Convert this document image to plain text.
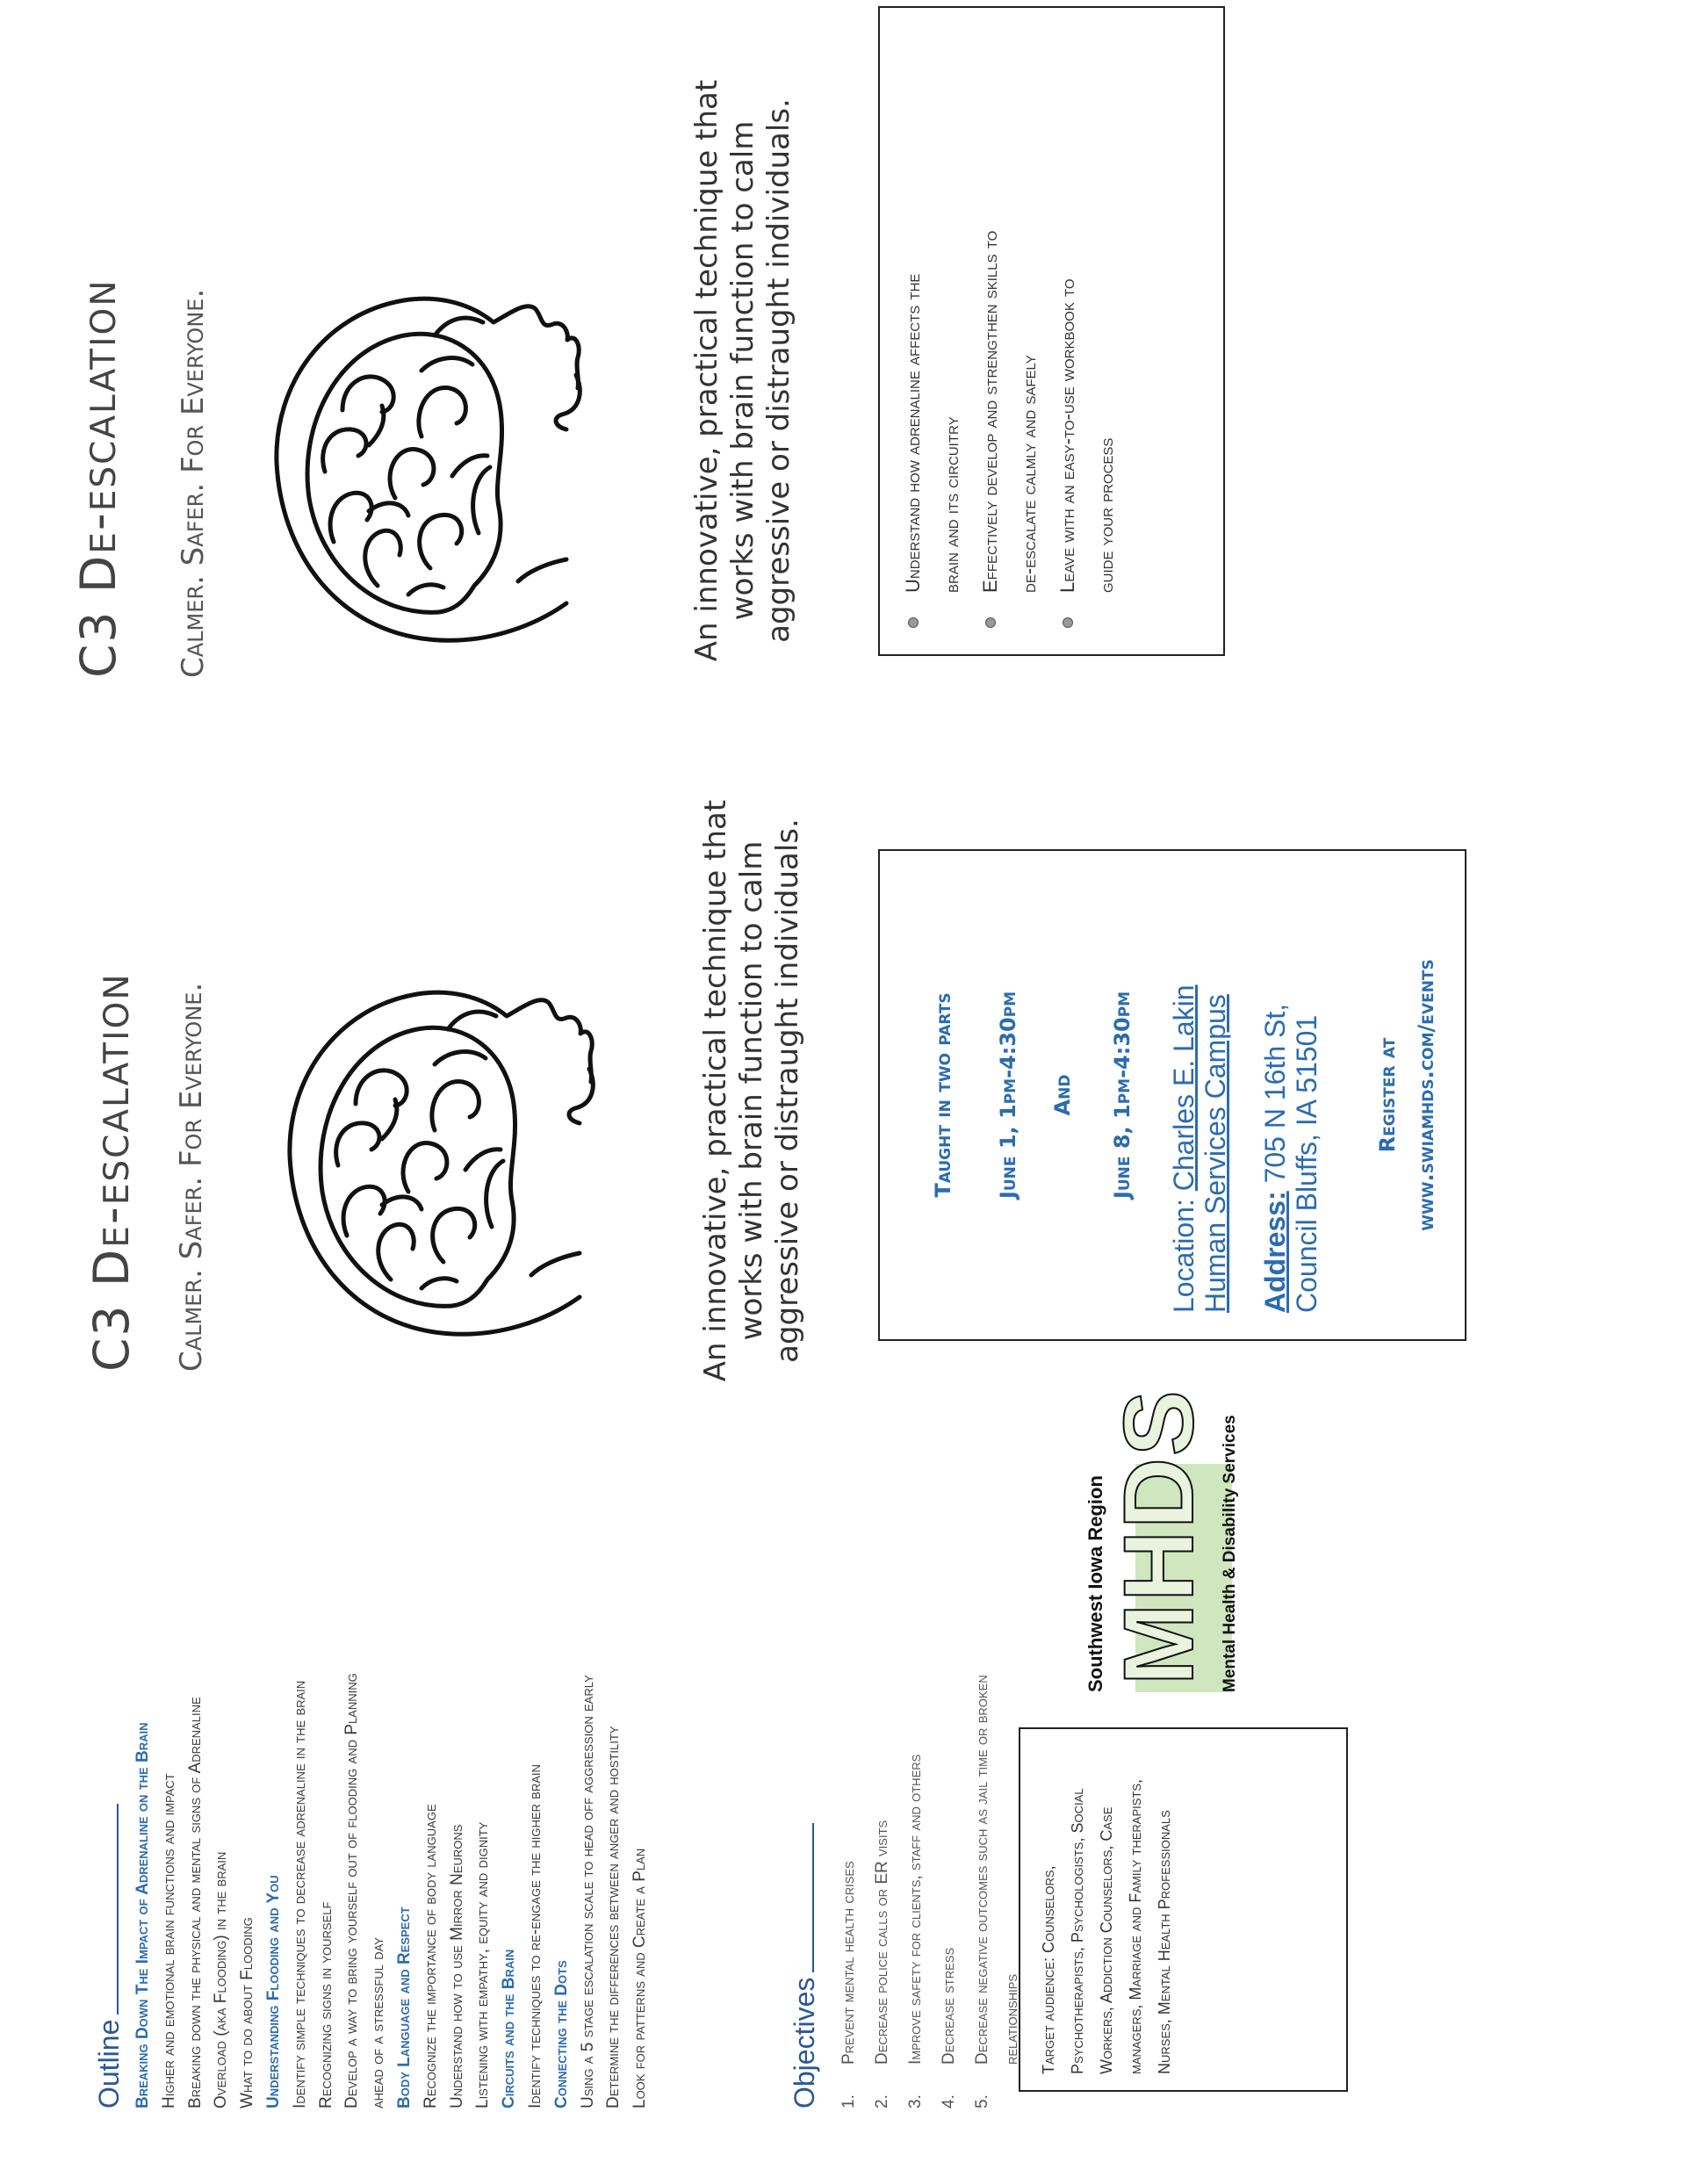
Outline Breaking Down The Impact of Adrenaline on the Brain Higher and emotional brain functions and impact Breaking down the physical and mental signs of Adrenaline Overload (aka Flooding) in the brain What to do about Flooding Understanding Flooding and You Identify simple techniques to decrease adrenaline in the brain Recognizing signs in yourself Develop a way to bring yourself out of flooding and Planning ahead of a stressful day Body Language and Respect Recognize the importance of body language Understand how to use Mirror Neurons Listening with empathy, equity and dignity Circuits and the Brain Identify techniques to re-engage the higher brain Connecting the Dots Using a 5 stage escalation scale to head off aggression early Determine the differences between anger and hostility Look for patterns and Create a Plan	Objectives	1.
Prevent mental health crises
2.
Decrease police calls or ER visits
3.
Improve safety for clients, staff and others
4.
Decrease stress
5.
Decrease negative outcomes such as jail time or broken relationships	Target audience: Counselors, Psychotherapists, Psychologists, Social Workers, Addiction Counselors, Case managers, Marriage and Family therapists, Nurses, Mental Health Professionals
Southwest Iowa Region
MHDS Mental Health & Disability Services
C3 De-escalation Calmer. Safer. For Everyone.	An innovative, practical technique that works with brain function to calm aggressive or distraught individuals.	Taught in two parts June 1, 1pm-4:30pm And June 8, 1pm-4:30pm

Location: Charles E. Lakin
Human Services Campus Address: 705 N 16th St,
Council Bluffs, IA 51501	Register at www.swiamhds.com/events
C3 De-escalation Calmer. Safer. For Everyone.	An innovative, practical technique that works with brain function to calm aggressive or distraught individuals.	Understand how adrenaline affects the brain and its circuitry Effectively develop and strengthen skills to de-escalate calmly and safely Leave with an easy-to-use workbook to guide your process
